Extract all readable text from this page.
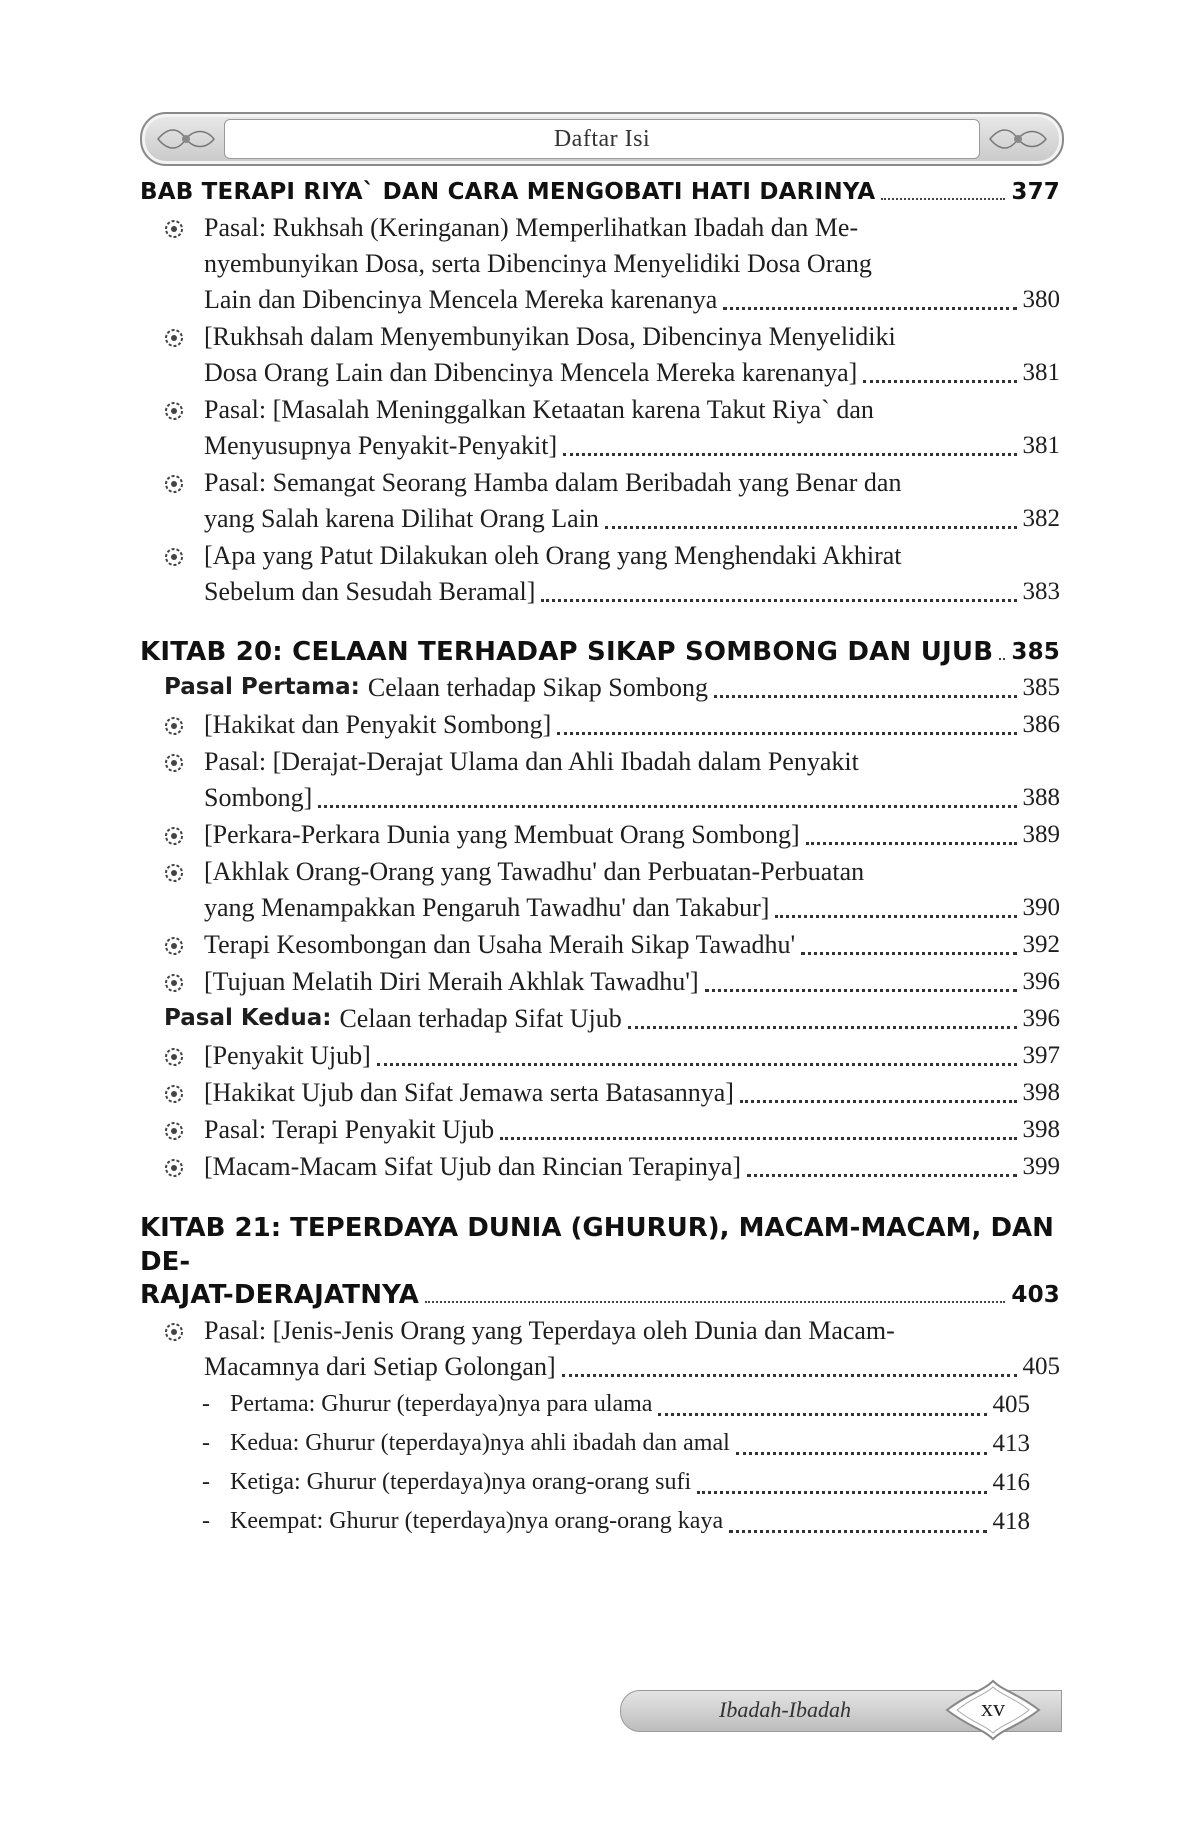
Daftar Isi
BAB TERAPI RIYA` DAN CARA MENGOBATI HATI DARINYA	377
Pasal: Rukhsah (Keringanan) Memperlihatkan Ibadah dan Me-
nyembunyikan Dosa, serta Dibencinya Menyelidiki Dosa Orang
Lain dan Dibencinya Mencela Mereka karenanya	380
[Rukhsah dalam Menyembunyikan Dosa, Dibencinya Menyelidiki
Dosa Orang Lain dan Dibencinya Mencela Mereka karenanya]	381
Pasal: [Masalah Meninggalkan Ketaatan karena Takut Riya` dan
Menyusupnya Penyakit-Penyakit]	381
Pasal: Semangat Seorang Hamba dalam Beribadah yang Benar dan
yang Salah karena Dilihat Orang Lain	382
[Apa yang Patut Dilakukan oleh Orang yang Menghendaki Akhirat
Sebelum dan Sesudah Beramal]	383
KITAB 20: CELAAN TERHADAP SIKAP SOMBONG DAN UJUB 385
Pasal Pertama: Celaan terhadap Sikap Sombong	385
[Hakikat dan Penyakit Sombong]	386
Pasal: [Derajat-Derajat Ulama dan Ahli Ibadah dalam Penyakit
Sombong]	388
[Perkara-Perkara Dunia yang Membuat Orang Sombong]	389
[Akhlak Orang-Orang yang Tawadhu' dan Perbuatan-Perbuatan
yang Menampakkan Pengaruh Tawadhu' dan Takabur]	390
Terapi Kesombongan dan Usaha Meraih Sikap Tawadhu'	392
[Tujuan Melatih Diri Meraih Akhlak Tawadhu']	396
Pasal Kedua: Celaan terhadap Sifat Ujub	396
[Penyakit Ujub]	397
[Hakikat Ujub dan Sifat Jemawa serta Batasannya]	398
Pasal: Terapi Penyakit Ujub	398
[Macam-Macam Sifat Ujub dan Rincian Terapinya]	399
KITAB 21: TEPERDAYA DUNIA (GHURUR), MACAM-MACAM, DAN DE-
RAJAT-DERAJATNYA	403
Pasal: [Jenis-Jenis Orang yang Teperdaya oleh Dunia dan Macam-
Macamnya dari Setiap Golongan]	405
- Pertama: Ghurur (teperdaya)nya para ulama	405
- Kedua: Ghurur (teperdaya)nya ahli ibadah dan amal	413
- Ketiga: Ghurur (teperdaya)nya orang-orang sufi	416
- Keempat: Ghurur (teperdaya)nya orang-orang kaya	418
Ibadah-Ibadah	xv
